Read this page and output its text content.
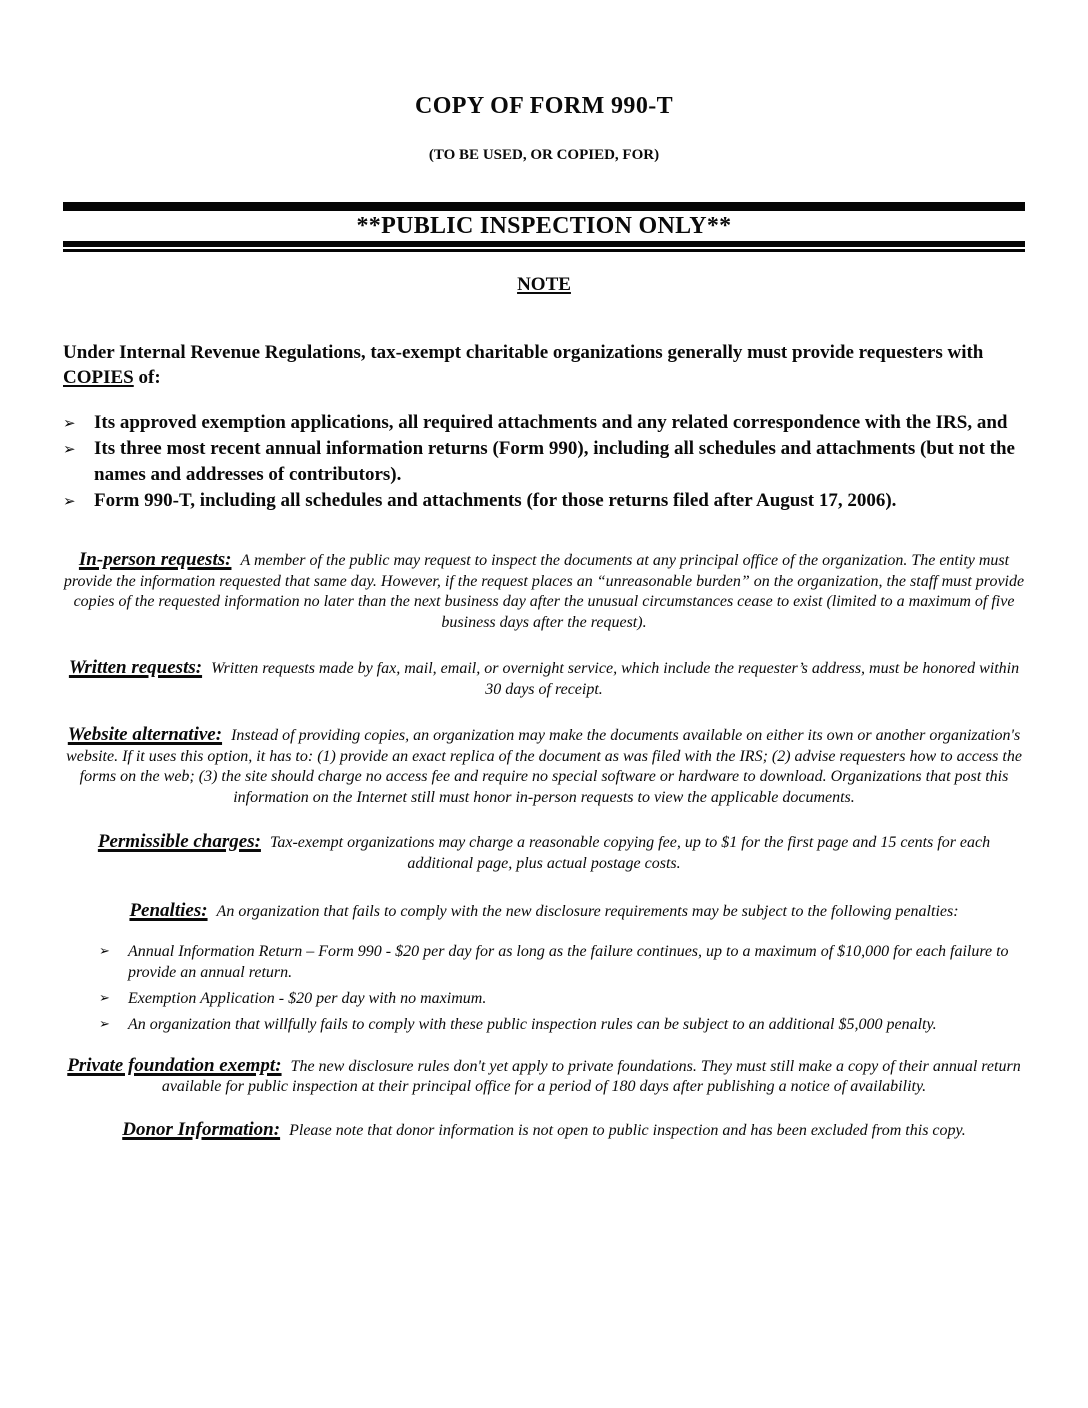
COPY OF FORM 990-T
(TO BE USED, OR COPIED, FOR)
**PUBLIC INSPECTION ONLY**
NOTE

Under Internal Revenue Regulations, tax-exempt charitable organizations generally must provide requesters with COPIES of:

➢ Its approved exemption applications, all required attachments and any related correspondence with the IRS, and
➢ Its three most recent annual information returns (Form 990), including all schedules and attachments (but not the names and addresses of contributors).
➢ Form 990-T, including all schedules and attachments (for those returns filed after August 17, 2006).

In-person requests: A member of the public may request to inspect the documents at any principal office of the organization. The entity must provide the information requested that same day. However, if the request places an “unreasonable burden” on the organization, the staff must provide copies of the requested information no later than the next business day after the unusual circumstances cease to exist (limited to a maximum of five business days after the request).

Written requests: Written requests made by fax, mail, email, or overnight service, which include the requester’s address, must be honored within 30 days of receipt.

Website alternative: Instead of providing copies, an organization may make the documents available on either its own or another organization's website. If it uses this option, it has to: (1) provide an exact replica of the document as was filed with the IRS; (2) advise requesters how to access the forms on the web; (3) the site should charge no access fee and require no special software or hardware to download. Organizations that post this information on the Internet still must honor in-person requests to view the applicable documents.

Permissible charges: Tax-exempt organizations may charge a reasonable copying fee, up to $1 for the first page and 15 cents for each additional page, plus actual postage costs.

Penalties: An organization that fails to comply with the new disclosure requirements may be subject to the following penalties:

➢	Annual Information Return – Form 990 - $20 per day for as long as the failure continues, up to a maximum of $10,000 for each failure to provide an annual return.
➢	Exemption Application - $20 per day with no maximum.
➢	An organization that willfully fails to comply with these public inspection rules can be subject to an additional $5,000 penalty.

Private foundation exempt: The new disclosure rules don't yet apply to private foundations. They must still make a copy of their annual return available for public inspection at their principal office for a period of 180 days after publishing a notice of availability.

Donor Information: Please note that donor information is not open to public inspection and has been excluded from this copy.
